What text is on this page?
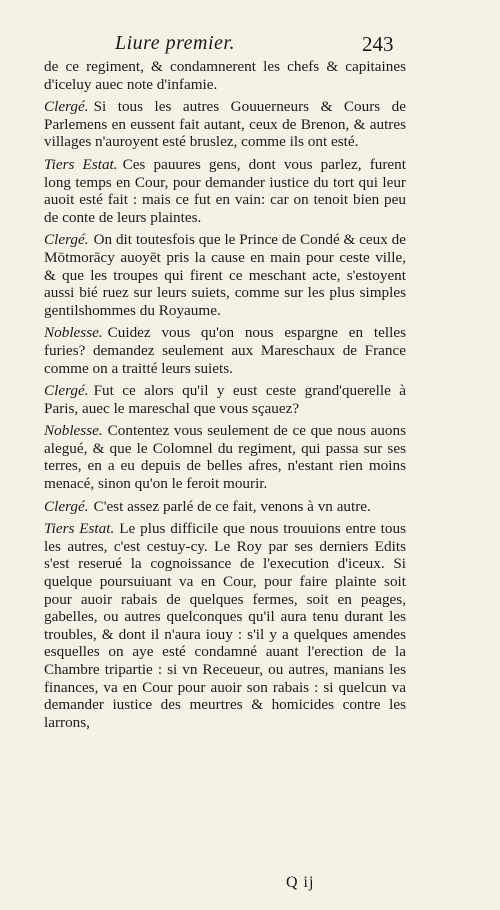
Liure premier.	243

de ce regiment, & condamnerent les chefs & capitaines d'iceluy auec note d'infamie.

Clergé. Si tous les autres Gouuerneurs & Cours de Parlemens en eussent fait autant, ceux de Brenon, & autres villages n'auroyent esté bruslez, comme ils ont esté.

Tiers Estat. Ces pauures gens, dont vous parlez, furent long temps en Cour, pour demander iustice du tort qui leur auoit esté fait : mais ce fut en vain: car on tenoit bien peu de conte de leurs plaintes.

Clergé. On dit toutesfois que le Prince de Condé & ceux de Mōtmorācy auoyēt pris la cause en main pour ceste ville, & que les troupes qui firent ce meschant acte, s'estoyent aussi bié ruez sur leurs suiets, comme sur les plus simples gentilshommes du Royaume.

Noblesse. Cuidez vous qu'on nous espargne en telles furies? demandez seulement aux Mareschaux de France comme on a traitté leurs suiets.

Clergé. Fut ce alors qu'il y eust ceste grand'querelle à Paris, auec le mareschal que vous sçauez?

Noblesse. Contentez vous seulement de ce que nous auons alegué, & que le Colomnel du regiment, qui passa sur ses terres, en a eu depuis de belles afres, n'estant rien moins menacé, sinon qu'on le feroit mourir.

Clergé. C'est assez parlé de ce fait, venons à vn autre.

Tiers Estat. Le plus difficile que nous trouuions entre tous les autres, c'est cestuy-cy. Le Roy par ses derniers Edits s'est reserué la cognoissance de l'execution d'iceux. Si quelque poursuiuant va en Cour, pour faire plainte soit pour auoir rabais de quelques fermes, soit en peages, gabelles, ou autres quelconques qu'il aura tenu durant les troubles, & dont il n'aura iouy : s'il y a quelques amendes esquelles on aye esté condamné auant l'erection de la Chambre tripartie : si vn Receueur, ou autres, manians les finances, va en Cour pour auoir son rabais : si quelcun va demander iustice des meurtres & homicides contre les larrons,

Q ij
